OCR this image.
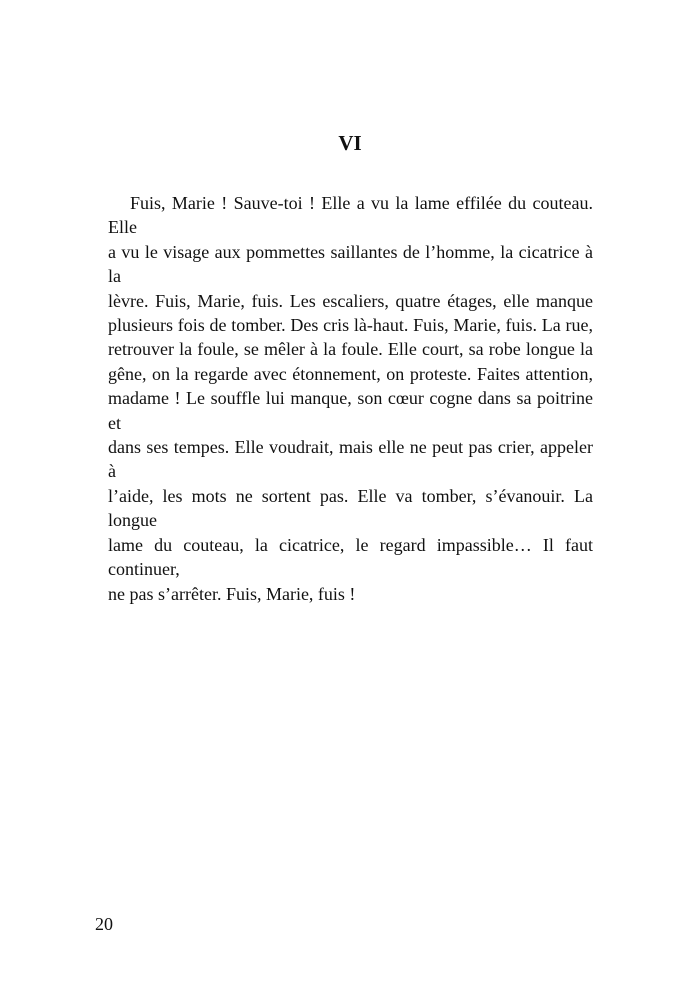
VI
Fuis, Marie ! Sauve-toi ! Elle a vu la lame effilée du couteau. Elle
a vu le visage aux pommettes saillantes de l’homme, la cicatrice à la
lèvre. Fuis, Marie, fuis. Les escaliers, quatre étages, elle manque
plusieurs fois de tomber. Des cris là-haut. Fuis, Marie, fuis. La rue,
retrouver la foule, se mêler à la foule. Elle court, sa robe longue la
gêne, on la regarde avec étonnement, on proteste. Faites attention,
madame ! Le souffle lui manque, son cœur cogne dans sa poitrine et
dans ses tempes. Elle voudrait, mais elle ne peut pas crier, appeler à
l’aide, les mots ne sortent pas. Elle va tomber, s’évanouir. La longue
lame du couteau, la cicatrice, le regard impassible… Il faut continuer,
ne pas s’arrêter. Fuis, Marie, fuis !
20
